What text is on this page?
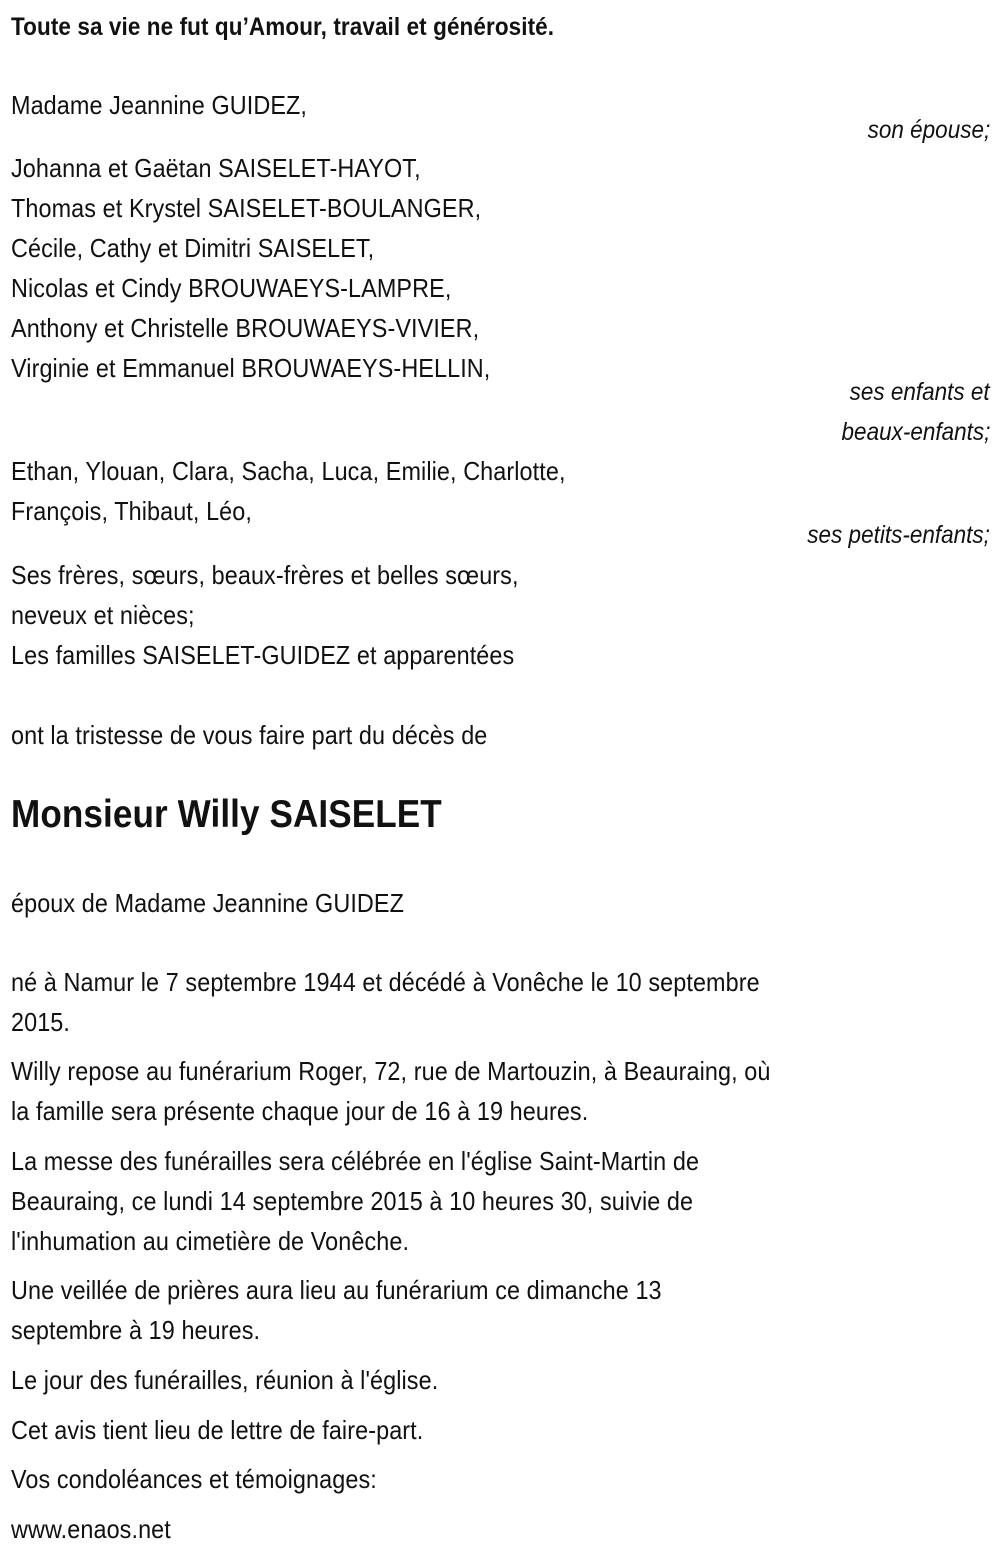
Toute sa vie ne fut qu’Amour, travail et générosité.
Madame Jeannine GUIDEZ,
son épouse;
Johanna et Gaëtan SAISELET-HAYOT,
Thomas et Krystel SAISELET-BOULANGER,
Cécile, Cathy et Dimitri SAISELET,
Nicolas et Cindy BROUWAEYS-LAMPRE,
Anthony et Christelle BROUWAEYS-VIVIER,
Virginie et Emmanuel BROUWAEYS-HELLIN,
ses enfants et
beaux-enfants;
Ethan, Ylouan, Clara, Sacha, Luca, Emilie, Charlotte,
François, Thibaut, Léo,
ses petits-enfants;
Ses frères, sœurs, beaux-frères et belles sœurs,
neveux et nièces;
Les familles SAISELET-GUIDEZ et apparentées
ont la tristesse de vous faire part du décès de
Monsieur Willy SAISELET
époux de Madame Jeannine GUIDEZ
né à Namur le 7 septembre 1944 et décédé à Vonêche le 10 septembre
2015.
Willy repose au funérarium Roger, 72, rue de Martouzin, à Beauraing, où
la famille sera présente chaque jour de 16 à 19 heures.
La messe des funérailles sera célébrée en l'église Saint-Martin de
Beauraing, ce lundi 14 septembre 2015 à 10 heures 30, suivie de
l'inhumation au cimetière de Vonêche.
Une veillée de prières aura lieu au funérarium ce dimanche 13
septembre à 19 heures.
Le jour des funérailles, réunion à l'église.
Cet avis tient lieu de lettre de faire-part.
Vos condoléances et témoignages:
www.enaos.net
